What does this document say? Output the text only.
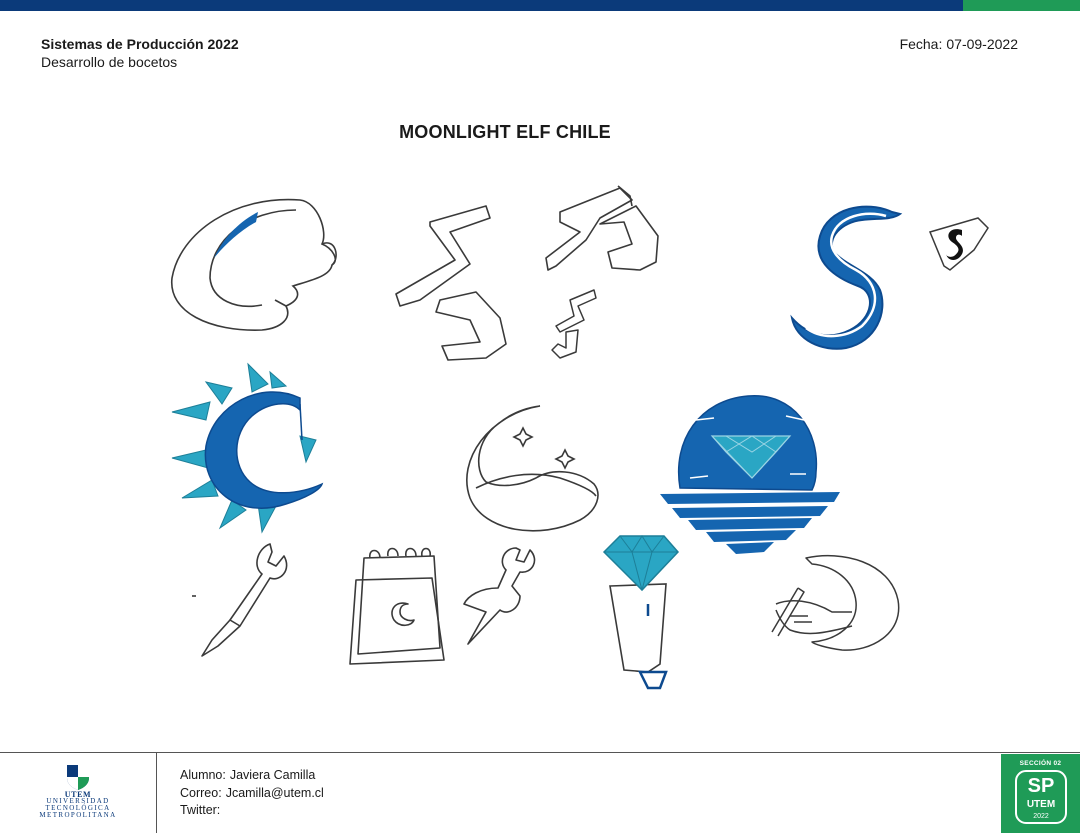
Sistemas de Producción 2022
Desarrollo de bocetos
Fecha: 07-09-2022
MOONLIGHT ELF CHILE
UTEM
UNIVERSIDAD
TECNOLÓGICA
METROPOLITANA
Alumno: Javiera Camilla
Correo: Jcamilla@utem.cl
Twitter:
SECCIÓN 02
SP
UTEM
2022
